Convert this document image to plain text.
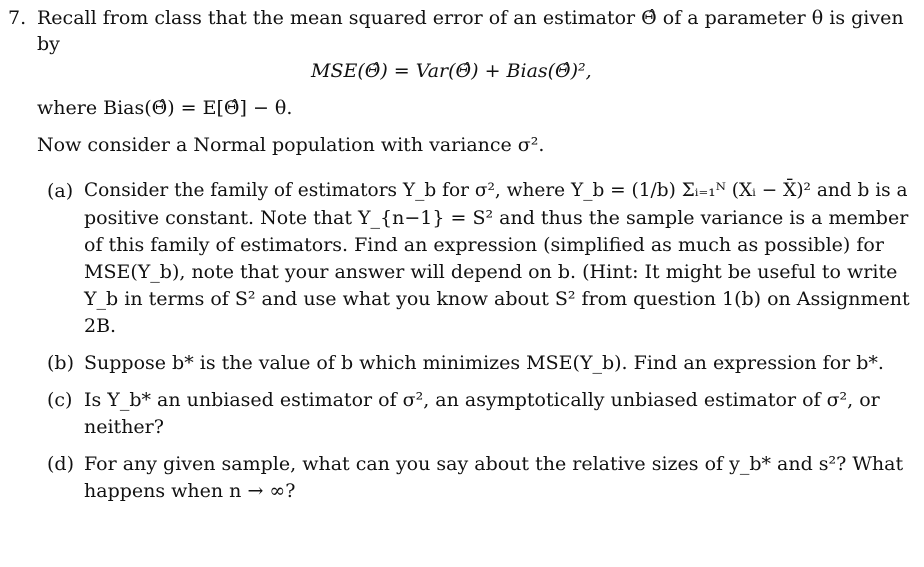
7. Recall from class that the mean squared error of an estimator Θ̂ of a parameter θ is given
by
MSE(Θ̂) = Var(Θ̂) + Bias(Θ̂)²,
where Bias(Θ̂) = E[Θ̂] − θ.
Now consider a Normal population with variance σ².
(a) Consider the family of estimators Y_b for σ², where Y_b = (1/b) Σᵢ₌₁ᴺ (Xᵢ − X̄)² and b is a
positive constant. Note that Y_{n−1} = S² and thus the sample variance is a member
of this family of estimators. Find an expression (simplified as much as possible) for
MSE(Y_b), note that your answer will depend on b. (Hint: It might be useful to write
Y_b in terms of S² and use what you know about S² from question 1(b) on Assignment
2B.
(b) Suppose b* is the value of b which minimizes MSE(Y_b). Find an expression for b*.
(c) Is Y_b* an unbiased estimator of σ², an asymptotically unbiased estimator of σ², or
neither?
(d) For any given sample, what can you say about the relative sizes of y_b* and s²? What
happens when n → ∞?
